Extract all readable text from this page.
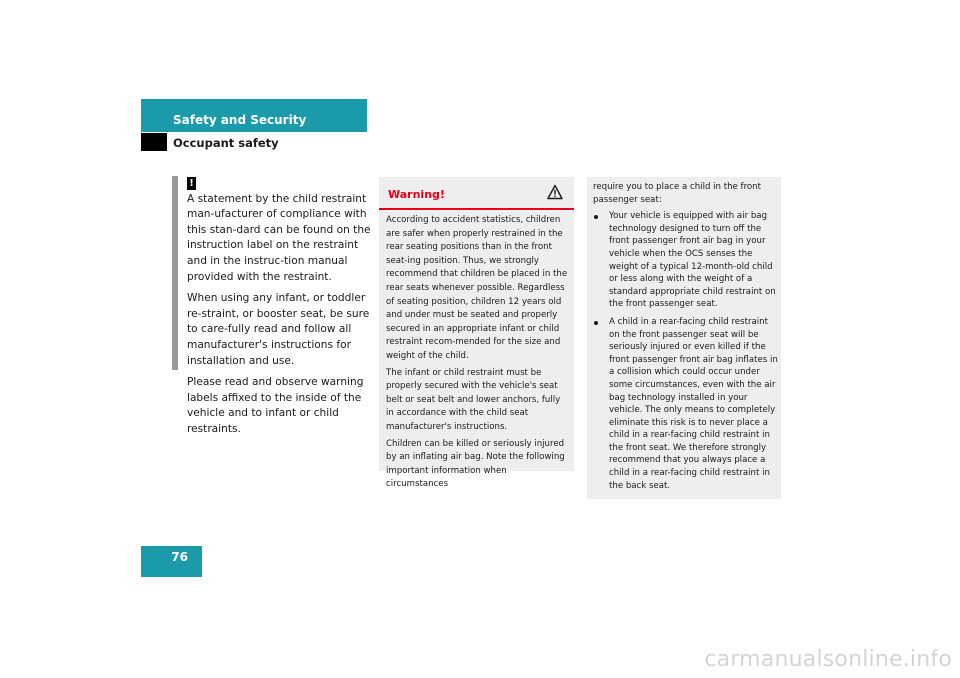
Safety and Security
Occupant safety
!

A statement by the child restraint man-ufacturer of compliance with this stan-dard can be found on the instruction label on the restraint and in the instruc-tion manual provided with the restraint.

When using any infant, or toddler re-straint, or booster seat, be sure to care-fully read and follow all manufacturer's instructions for installation and use.

Please read and observe warning labels affixed to the inside of the vehicle and to infant or child restraints.

Warning!

According to accident statistics, children are safer when properly restrained in the rear seating positions than in the front seat-ing position. Thus, we strongly recommend that children be placed in the rear seats whenever possible. Regardless of seating position, children 12 years old and under must be seated and properly secured in an appropriate infant or child restraint recom-mended for the size and weight of the child.

The infant or child restraint must be properly secured with the vehicle's seat belt or seat belt and lower anchors, fully in accordance with the child seat manufacturer's instructions.

Children can be killed or seriously injured by an inflating air bag. Note the following important information when circumstances

require you to place a child in the front passenger seat:

Your vehicle is equipped with air bag technology designed to turn off the front passenger front air bag in your vehicle when the OCS senses the weight of a typical 12-month-old child or less along with the weight of a standard appropriate child restraint on the front passenger seat.
A child in a rear-facing child restraint on the front passenger seat will be seriously injured or even killed if the front passenger front air bag inflates in a collision which could occur under some circumstances, even with the air bag technology installed in your vehicle. The only means to completely eliminate this risk is to never place a child in a rear-facing child restraint in the front seat. We therefore strongly recommend that you always place a child in a rear-facing child restraint in the back seat.
76
carmanualsonline.info
